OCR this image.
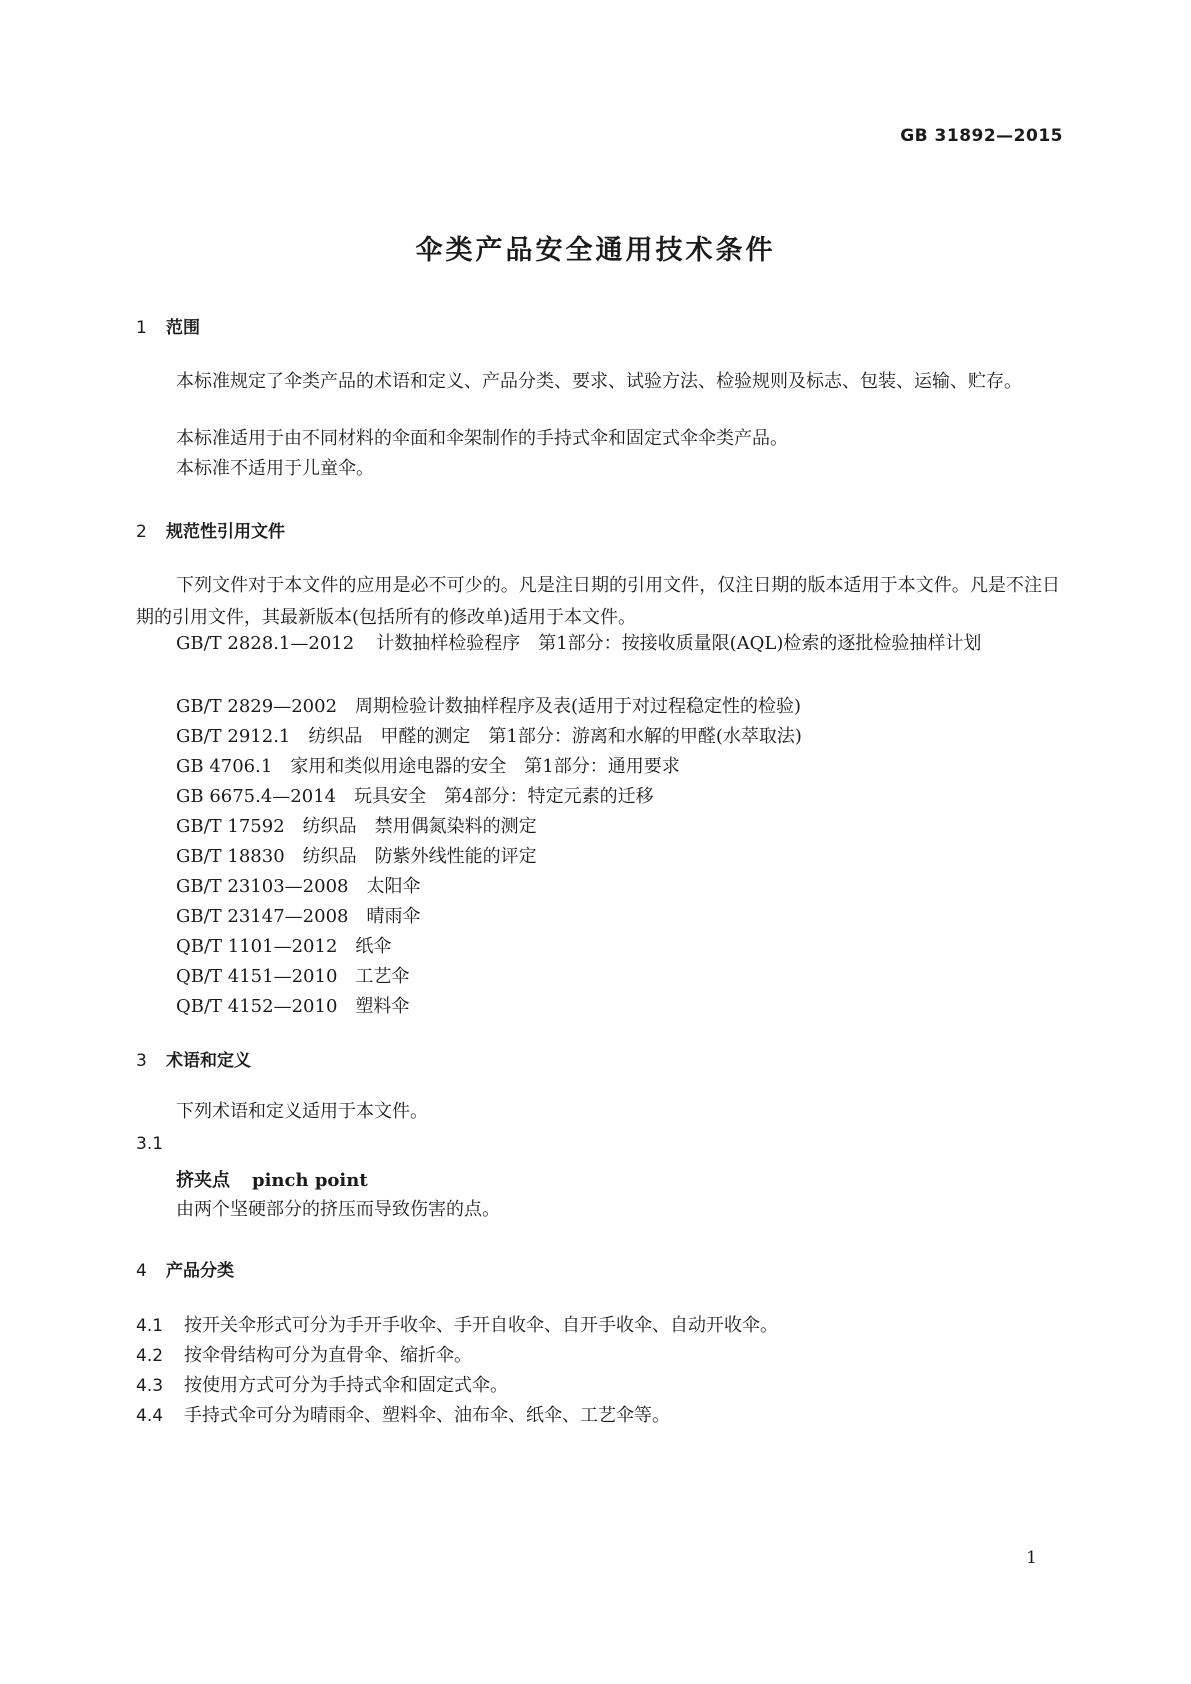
GB 31892—2015
伞类产品安全通用技术条件
1 范围
本标准规定了伞类产品的术语和定义、产品分类、要求、试验方法、检验规则及标志、包装、运输、贮存。
本标准适用于由不同材料的伞面和伞架制作的手持式伞和固定式伞伞类产品。
本标准不适用于儿童伞。
2 规范性引用文件
下列文件对于本文件的应用是必不可少的。凡是注日期的引用文件，仅注日期的版本适用于本文件。凡是不注日期的引用文件，其最新版本(包括所有的修改单)适用于本文件。
GB/T 2828.1—2012 计数抽样检验程序　第1部分：按接收质量限(AQL)检索的逐批检验抽样计划
GB/T 2829—2002 周期检验计数抽样程序及表(适用于对过程稳定性的检验)
GB/T 2912.1 纺织品　甲醛的测定　第1部分：游离和水解的甲醛(水萃取法)
GB 4706.1 家用和类似用途电器的安全　第1部分：通用要求
GB 6675.4—2014 玩具安全　第4部分：特定元素的迁移
GB/T 17592 纺织品　禁用偶氮染料的测定
GB/T 18830 纺织品　防紫外线性能的评定
GB/T 23103—2008 太阳伞
GB/T 23147—2008 晴雨伞
QB/T 1101—2012 纸伞
QB/T 4151—2010 工艺伞
QB/T 4152—2010 塑料伞
3 术语和定义
下列术语和定义适用于本文件。
3.1
挤夹点 pinch point
由两个坚硬部分的挤压而导致伤害的点。
4 产品分类
4.1 按开关伞形式可分为手开手收伞、手开自收伞、自开手收伞、自动开收伞。
4.2 按伞骨结构可分为直骨伞、缩折伞。
4.3 按使用方式可分为手持式伞和固定式伞。
4.4 手持式伞可分为晴雨伞、塑料伞、油布伞、纸伞、工艺伞等。
1
